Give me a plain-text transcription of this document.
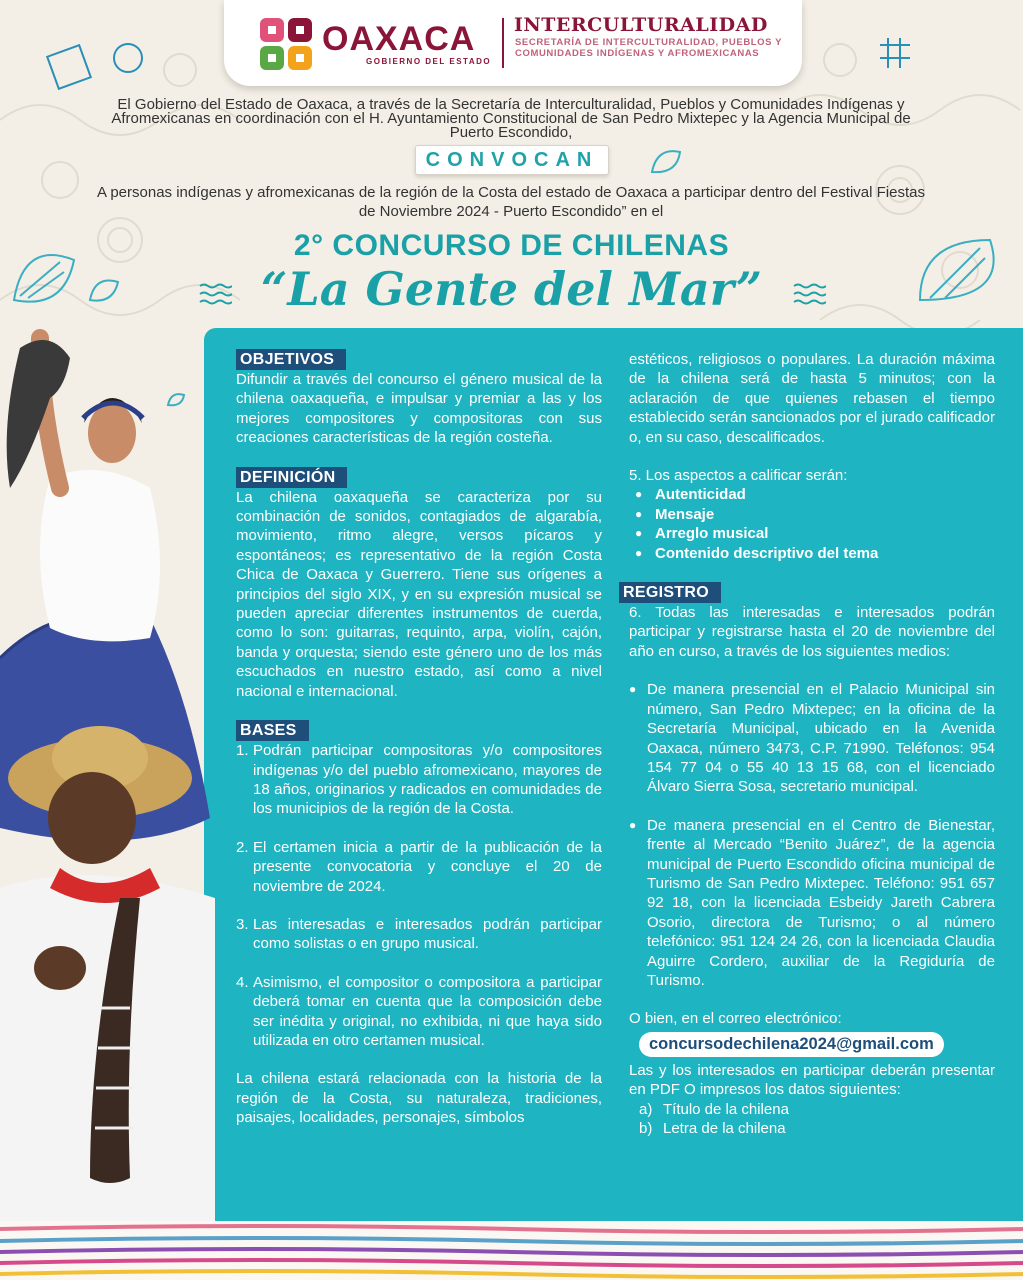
OAXACA
GOBIERNO DEL ESTADO
INTERCULTURALIDAD
SECRETARÍA DE INTERCULTURALIDAD, PUEBLOS Y COMUNIDADES INDÍGENAS Y AFROMEXICANAS

El Gobierno del Estado de Oaxaca, a través de la Secretaría de Interculturalidad, Pueblos y Comunidades Indígenas y Afromexicanas en coordinación con el H. Ayuntamiento Constitucional de San Pedro Mixtepec y la Agencia Municipal de Puerto Escondido,

CONVOCAN
A personas indígenas y afromexicanas de la región de la Costa del estado de Oaxaca a participar dentro del Festival Fiestas de Noviembre 2024 - Puerto Escondido” en el
2° CONCURSO DE CHILENAS
“La Gente del Mar”
OBJETIVOS

Difundir a través del concurso el género musical de la chilena oaxaqueña, e impulsar y premiar a las y los mejores compositores y compositoras con sus creaciones características de la región costeña.

DEFINICIÓN

La chilena oaxaqueña se caracteriza por su combinación de sonidos, contagiados de algarabía, movimiento, ritmo alegre, versos pícaros y espontáneos; es representativo de la región Costa Chica de Oaxaca y Guerrero. Tiene sus orígenes a principios del siglo XIX, y en su expresión musical se pueden apreciar diferentes instrumentos de cuerda, como lo son: guitarras, requinto, arpa, violín, cajón, banda y orquesta; siendo este género uno de los más escuchados en nuestro estado, así como a nivel nacional e internacional.

BASES
1. Podrán participar compositoras y/o compositores indígenas y/o del pueblo afromexicano, mayores de 18 años, originarios y radicados en comunidades de los municipios de la región de la Costa.
2. El certamen inicia a partir de la publicación de la presente convocatoria y concluye el 20 de noviembre de 2024.
3. Las interesadas e interesados podrán participar como solistas o en grupo musical.
4. Asimismo, el compositor o compositora a participar deberá tomar en cuenta que la composición debe ser inédita y original, no exhibida, ni que haya sido utilizada en otro certamen musical.

La chilena estará relacionada con la historia de la región de la Costa, su naturaleza, tradiciones, paisajes, localidades, personajes, símbolos

estéticos, religiosos o populares. La duración máxima de la chilena será de hasta 5 minutos; con la aclaración de que quienes rebasen el tiempo establecido serán sancionados por el jurado calificador o, en su caso, descalificados.

5. Los aspectos a calificar serán:

● Autenticidad
● Mensaje
● Arreglo musical
● Contenido descriptivo del tema
REGISTRO

6. Todas las interesadas e interesados podrán participar y registrarse hasta el 20 de noviembre del año en curso, a través de los siguientes medios:

● De manera presencial en el Palacio Municipal sin número, San Pedro Mixtepec; en la oficina de la Secretaría Municipal, ubicado en la Avenida Oaxaca, número 3473, C.P. 71990. Teléfonos: 954 154 77 04 o 55 40 13 15 68, con el licenciado Álvaro Sierra Sosa, secretario municipal.

● De manera presencial en el Centro de Bienestar, frente al Mercado “Benito Juárez”, de la agencia municipal de Puerto Escondido oficina municipal de Turismo de San Pedro Mixtepec. Teléfono: 951 657 92 18, con la licenciada Esbeidy Jareth Cabrera Osorio, directora de Turismo; o al número telefónico: 951 124 24 26, con la licenciada Claudia Aguirre Cordero, auxiliar de la Regiduría de Turismo.

O bien, en el correo electrónico:

concursodechilena2024@gmail.com

Las y los interesados en participar deberán presentar en PDF O impresos los datos siguientes:

a) Título de la chilena
b) Letra de la chilena
